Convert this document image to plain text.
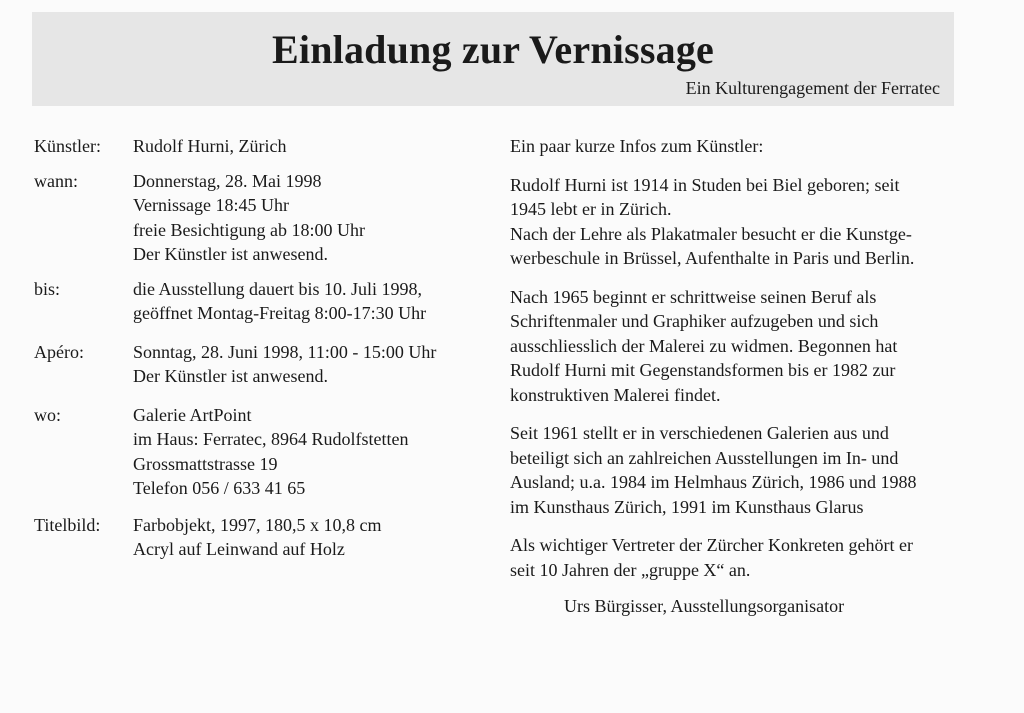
Einladung zur Vernissage
Ein Kulturengagement der Ferratec
Künstler:	Rudolf Hurni, Zürich
wann:	Donnerstag, 28. Mai 1998
Vernissage 18:45 Uhr
freie Besichtigung ab 18:00 Uhr
Der Künstler ist anwesend.
bis:	die Ausstellung dauert bis 10. Juli 1998,
geöffnet Montag-Freitag 8:00-17:30 Uhr
Apéro:	Sonntag, 28. Juni 1998, 11:00 - 15:00 Uhr
Der Künstler ist anwesend.
wo:	Galerie ArtPoint
im Haus: Ferratec, 8964 Rudolfstetten
Grossmattstrasse 19
Telefon 056 / 633 41 65
Titelbild:	Farbobjekt, 1997, 180,5 x 10,8 cm
Acryl auf Leinwand auf Holz
Ein paar kurze Infos zum Künstler:
Rudolf Hurni ist 1914 in Studen bei Biel geboren; seit
1945 lebt er in Zürich.
Nach der Lehre als Plakatmaler besucht er die Kunstge-
werbeschule in Brüssel, Aufenthalte in Paris und Berlin.
Nach 1965 beginnt er schrittweise seinen Beruf als
Schriftenmaler und Graphiker aufzugeben und sich
ausschliesslich der Malerei zu widmen. Begonnen hat
Rudolf Hurni mit Gegenstandsformen bis er 1982 zur
konstruktiven Malerei findet.
Seit 1961 stellt er in verschiedenen Galerien aus und
beteiligt sich an zahlreichen Ausstellungen im In- und
Ausland; u.a. 1984 im Helmhaus Zürich, 1986 und 1988
im Kunsthaus Zürich, 1991 im Kunsthaus Glarus
Als wichtiger Vertreter der Zürcher Konkreten gehört er
seit 10 Jahren der „gruppe X“ an.
Urs Bürgisser, Ausstellungsorganisator
